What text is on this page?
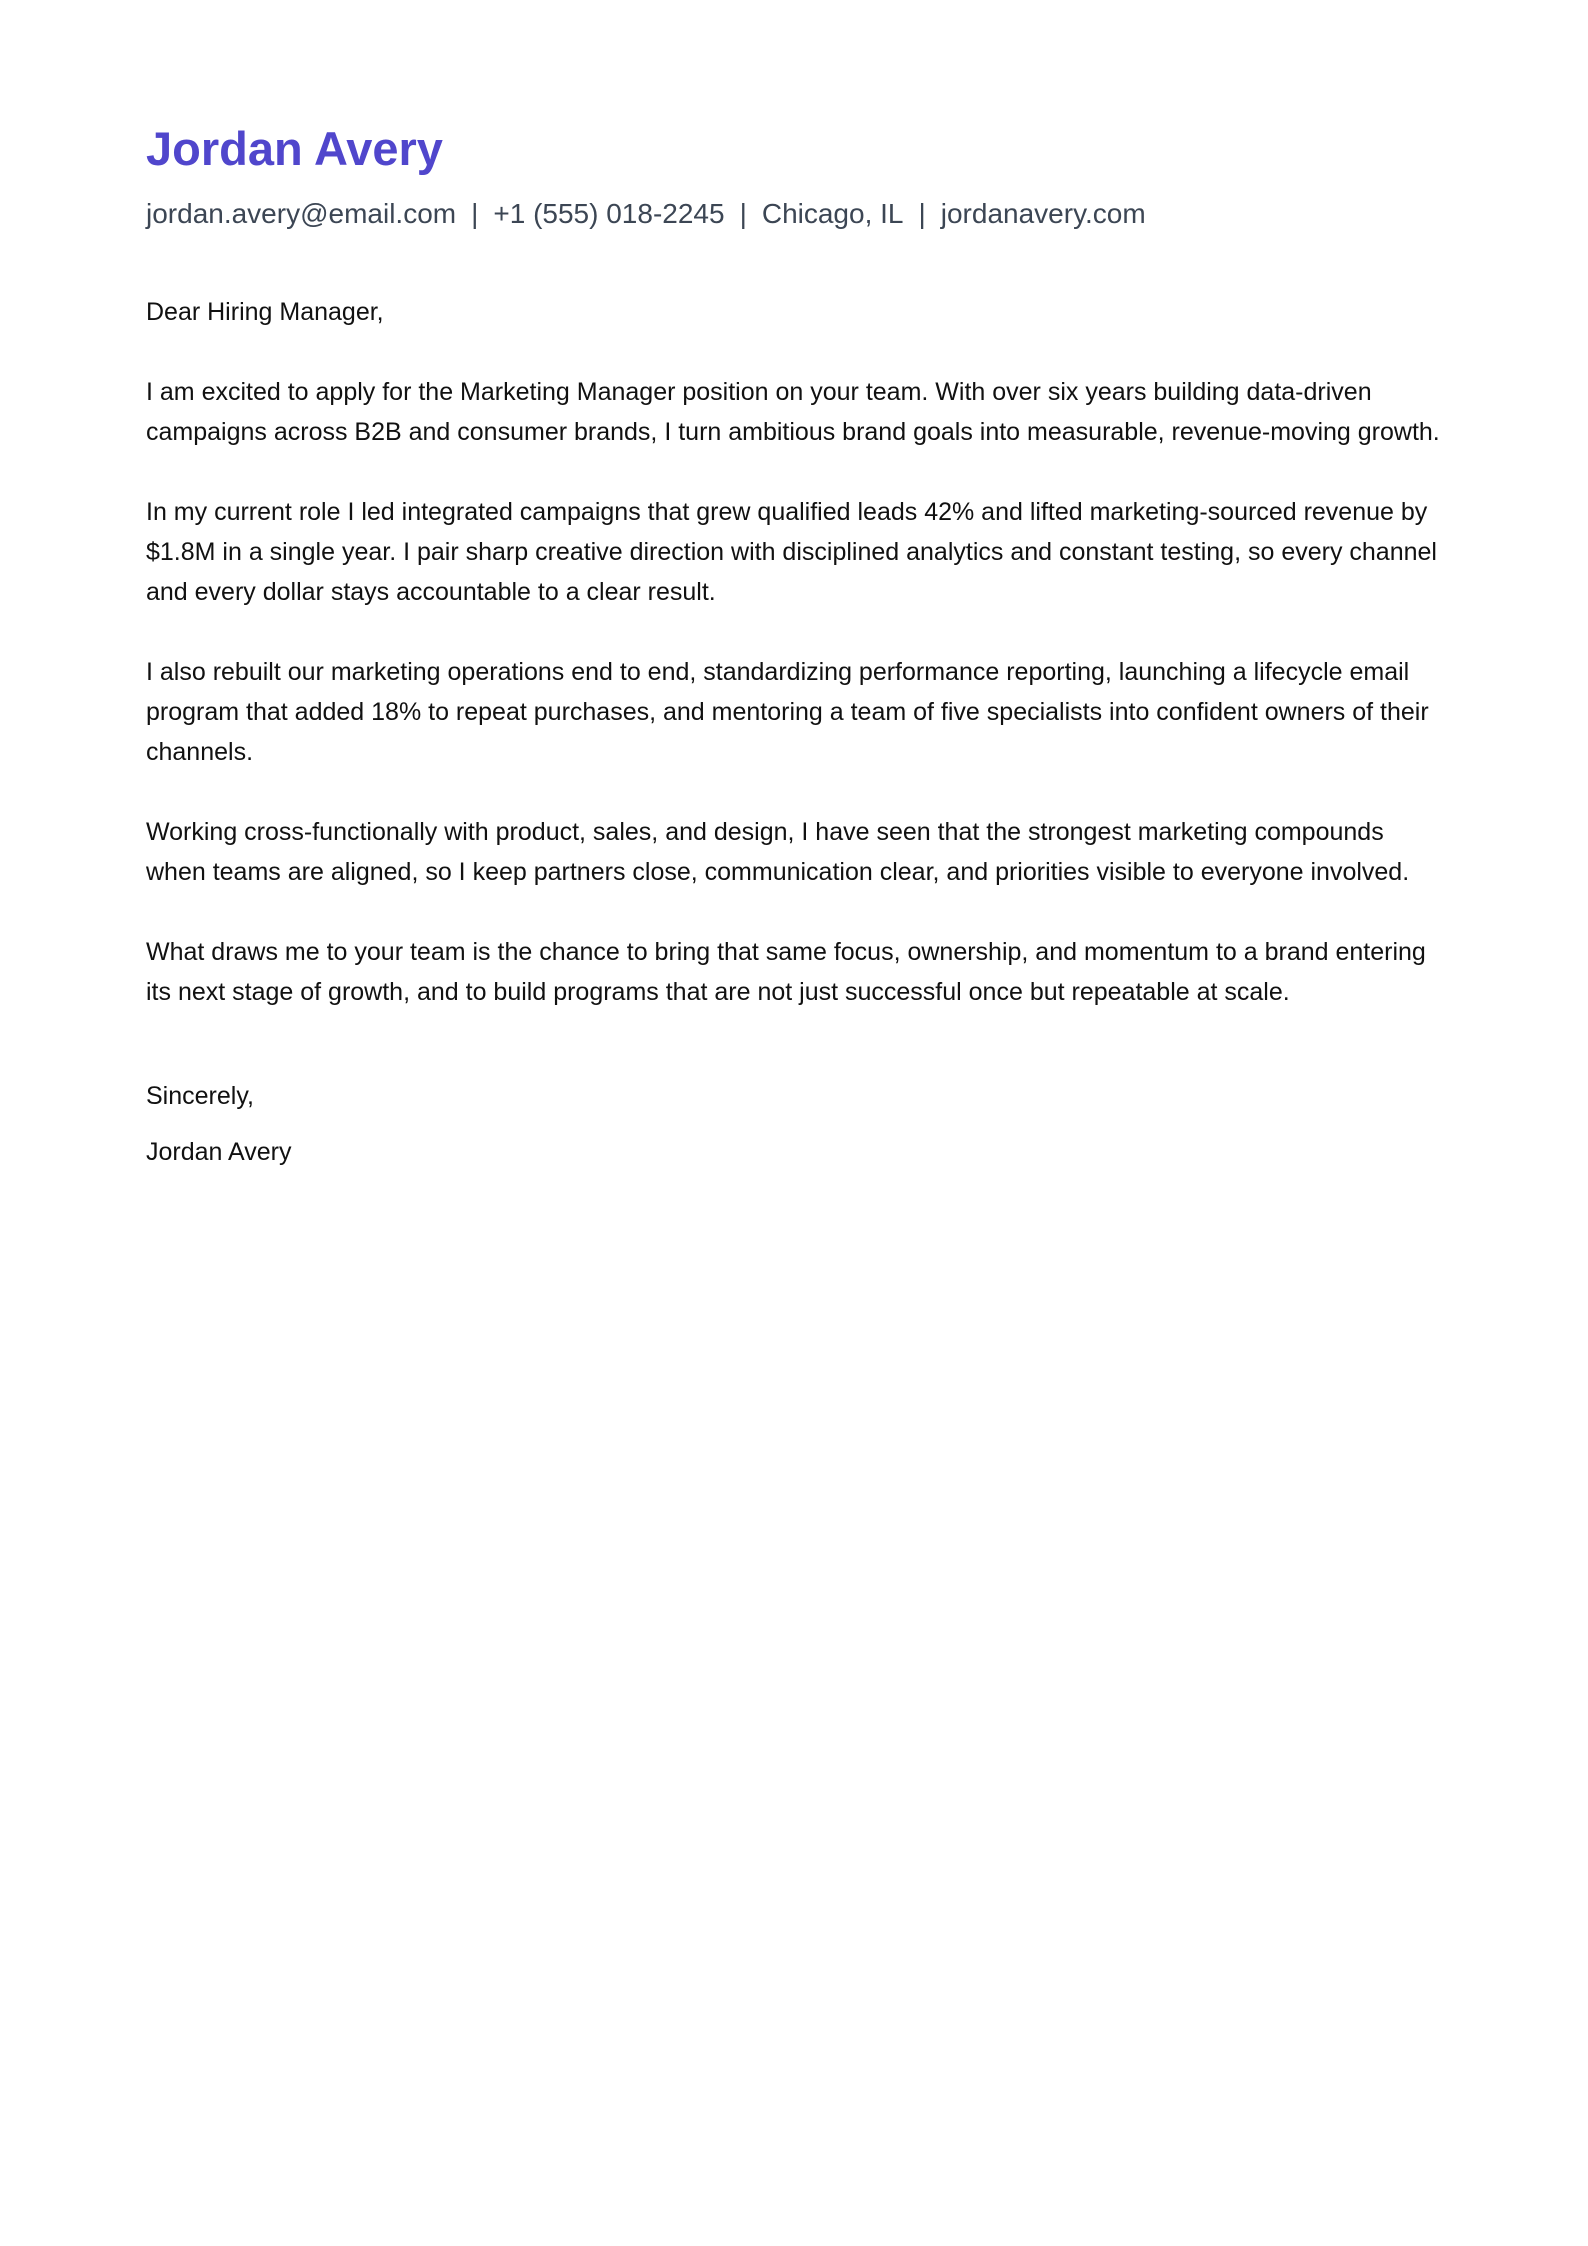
Jordan Avery
jordan.avery@email.com | +1 (555) 018-2245 | Chicago, IL | jordanavery.com
Dear Hiring Manager,

I am excited to apply for the Marketing Manager position on your team. With over six years building data-driven campaigns across B2B and consumer brands, I turn ambitious brand goals into measurable, revenue-moving growth.

In my current role I led integrated campaigns that grew qualified leads 42% and lifted marketing-sourced revenue by $1.8M in a single year. I pair sharp creative direction with disciplined analytics and constant testing, so every channel and every dollar stays accountable to a clear result.

I also rebuilt our marketing operations end to end, standardizing performance reporting, launching a lifecycle email program that added 18% to repeat purchases, and mentoring a team of five specialists into confident owners of their channels.

Working cross-functionally with product, sales, and design, I have seen that the strongest marketing compounds when teams are aligned, so I keep partners close, communication clear, and priorities visible to everyone involved.

What draws me to your team is the chance to bring that same focus, ownership, and momentum to a brand entering its next stage of growth, and to build programs that are not just successful once but repeatable at scale.

Sincerely,
Jordan Avery
